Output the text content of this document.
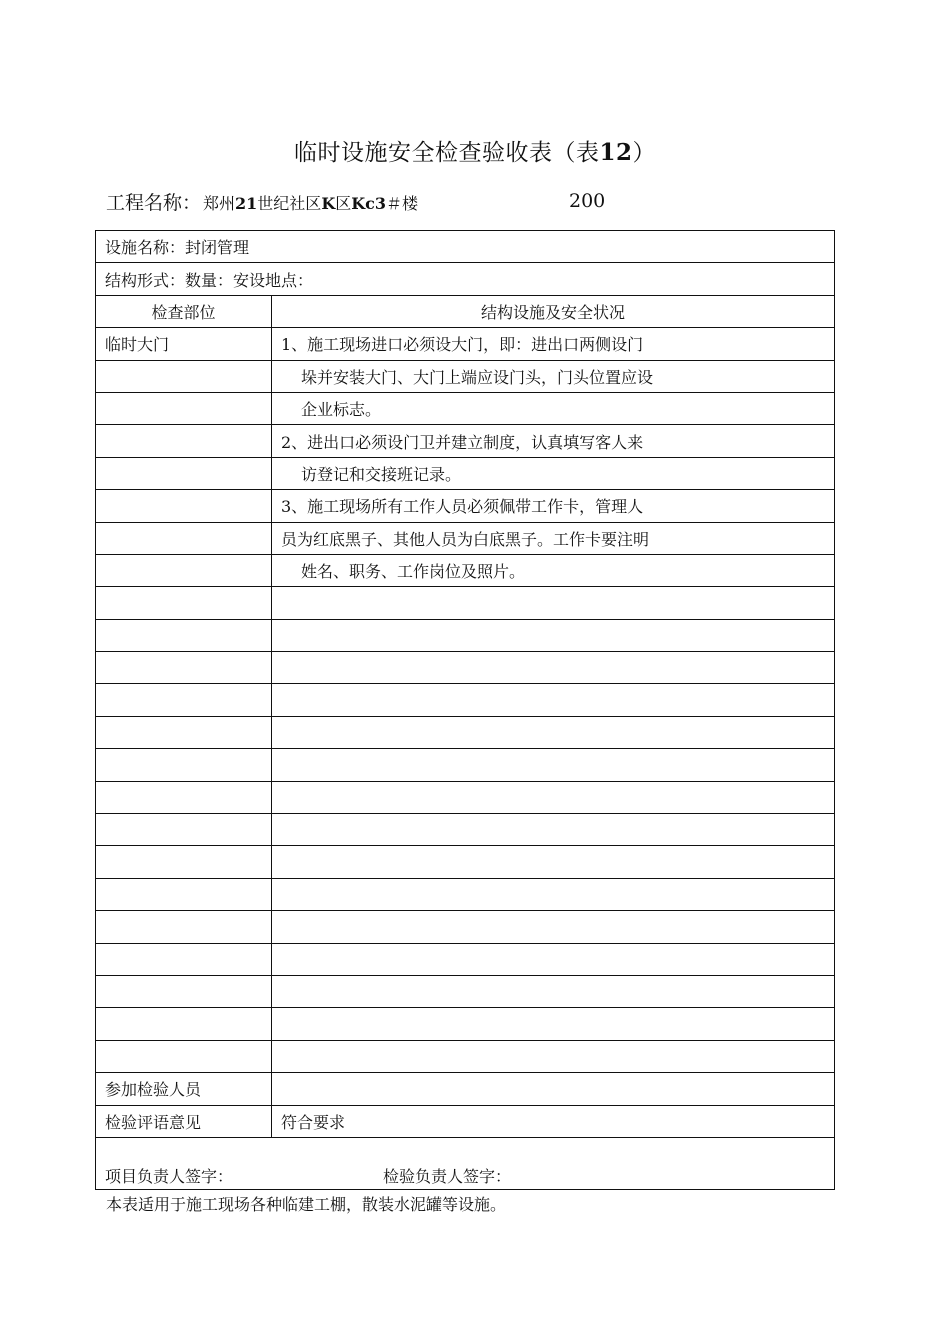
临时设施安全检查验收表（表12）
工程名称： 郑州21世纪社区K区Kc3＃楼	200
设施名称：封闭管理	
结构形式：数量：安设地点：	
检查部位	结构设施及安全状况
临时大门	1、施工现场进口必须设大门，即：进出口两侧设门
	垛并安装大门、大门上端应设门头，门头位置应设
	企业标志。
	2、进出口必须设门卫并建立制度，认真填写客人来
	访登记和交接班记录。
	3、施工现场所有工作人员必须佩带工作卡，管理人
	员为红底黑子、其他人员为白底黑子。工作卡要注明
	姓名、职务、工作岗位及照片。

参加检验人员	
检验评语意见	符合要求
项目负责人签字： 检验负责人签字：	
本表适用于施工现场各种临建工棚，散装水泥罐等设施。
